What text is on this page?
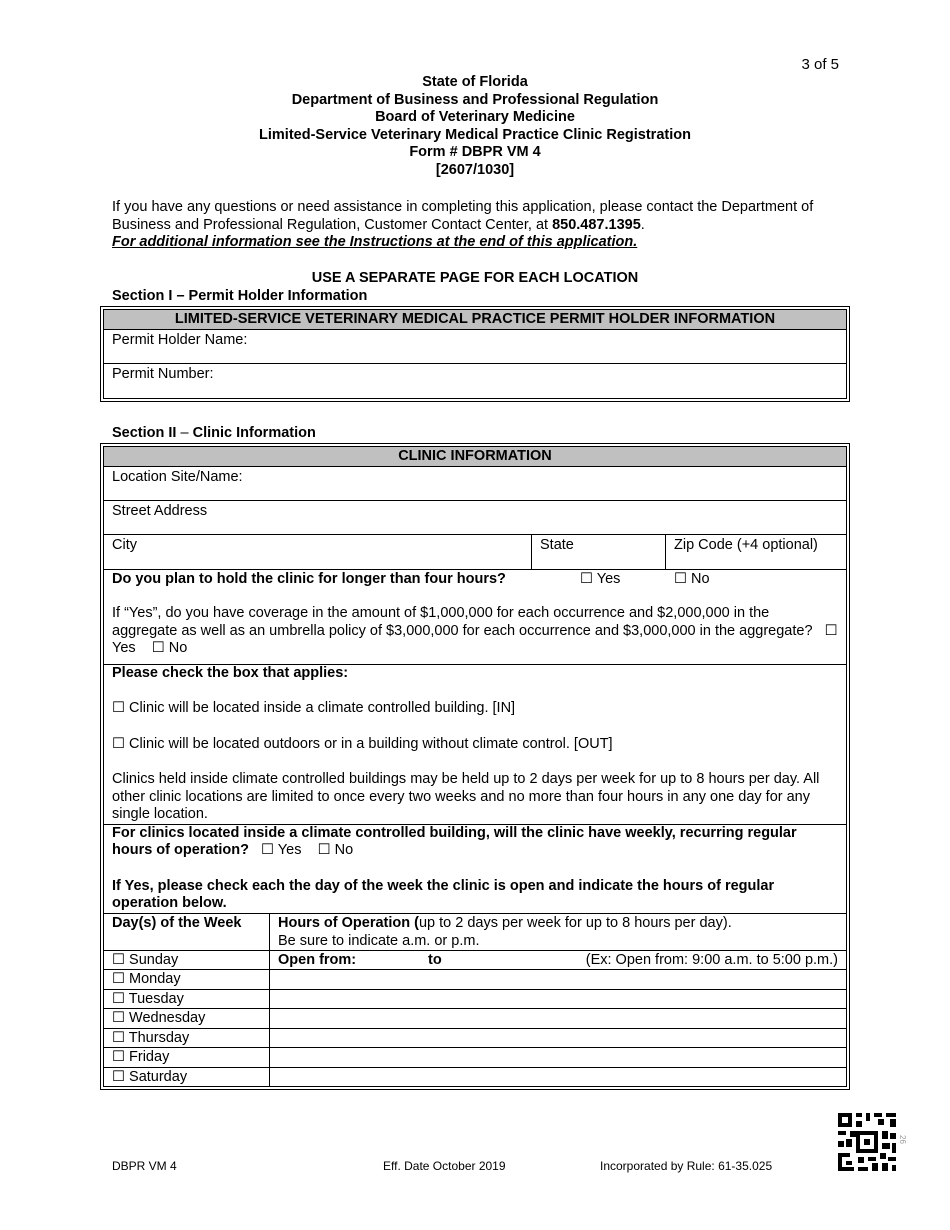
3 of 5
State of Florida
Department of Business and Professional Regulation
Board of Veterinary Medicine
Limited-Service Veterinary Medical Practice Clinic Registration
Form # DBPR VM 4
[2607/1030]
If you have any questions or need assistance in completing this application, please contact the Department of Business and Professional Regulation, Customer Contact Center, at 850.487.1395.
For additional information see the Instructions at the end of this application.
USE A SEPARATE PAGE FOR EACH LOCATION
Section I – Permit Holder Information
LIMITED-SERVICE VETERINARY MEDICAL PRACTICE PERMIT HOLDER INFORMATION
Permit Holder Name:
Permit Number:
Section II – Clinic Information
CLINIC INFORMATION
Location Site/Name:
Street Address
City	State	Zip Code (+4 optional)
Do you plan to hold the clinic for longer than four hours?	☐ Yes	☐ No
If “Yes”, do you have coverage in the amount of $1,000,000 for each occurrence and $2,000,000 in the aggregate as well as an umbrella policy of $3,000,000 for each occurrence and $3,000,000 in the aggregate? ☐ Yes ☐ No
Please check the box that applies:
☐ Clinic will be located inside a climate controlled building. [IN]
☐ Clinic will be located outdoors or in a building without climate control. [OUT]
Clinics held inside climate controlled buildings may be held up to 2 days per week for up to 8 hours per day. All other clinic locations are limited to once every two weeks and no more than four hours in any one day for any single location.
For clinics located inside a climate controlled building, will the clinic have weekly, recurring regular hours of operation? ☐ Yes ☐ No
If Yes, please check each the day of the week the clinic is open and indicate the hours of regular operation below.
Day(s) of the Week	Hours of Operation (up to 2 days per week for up to 8 hours per day).
Be sure to indicate a.m. or p.m.
☐ Sunday	Open from:	to	(Ex: Open from: 9:00 a.m. to 5:00 p.m.)
☐ Monday
☐ Tuesday
☐ Wednesday
☐ Thursday
☐ Friday
☐ Saturday
DBPR VM 4	Eff. Date October 2019	Incorporated by Rule: 61-35.025
26
